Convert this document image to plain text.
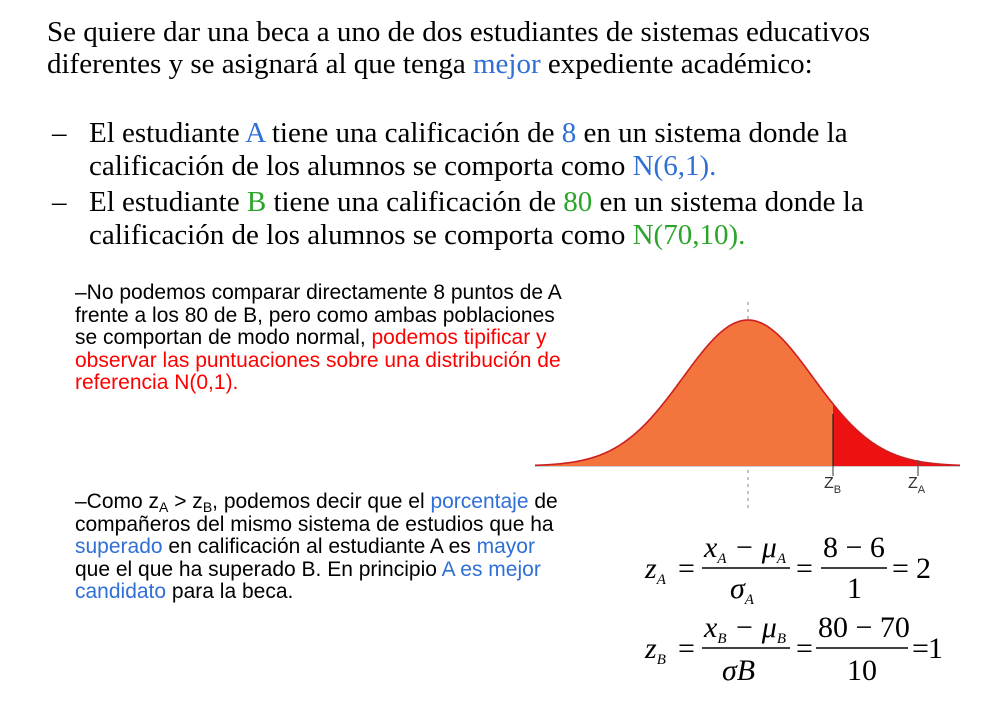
Se quiere dar una beca a uno de dos estudiantes de sistemas educativos diferentes y se asignará al que tenga mejor expediente académico:
– El estudiante A tiene una calificación de 8 en un sistema donde la calificación de los alumnos se comporta como N(6,1).
– El estudiante B tiene una calificación de 80 en un sistema donde la calificación de los alumnos se comporta como N(70,10).
–No podemos comparar directamente 8 puntos de A frente a los 80 de B, pero como ambas poblaciones se comportan de modo normal, podemos tipificar y observar las puntuaciones sobre una distribución de referencia N(0,1).
–Como $z_A > z_B$, podemos decir que el porcentaje de compañeros del mismo sistema de estudios que ha superado en calificación al estudiante A es mayor que el que ha superado B. En principio A es mejor candidato para la beca.
$Z_B$	$Z_A$
$z_A$ =
$x_A - \mu_A$
$\sigma_A$
=
8 − 6
1
= 2
$z_B$ =
$x_B - \mu_B$
σB
=
80 − 70
10
= 1
